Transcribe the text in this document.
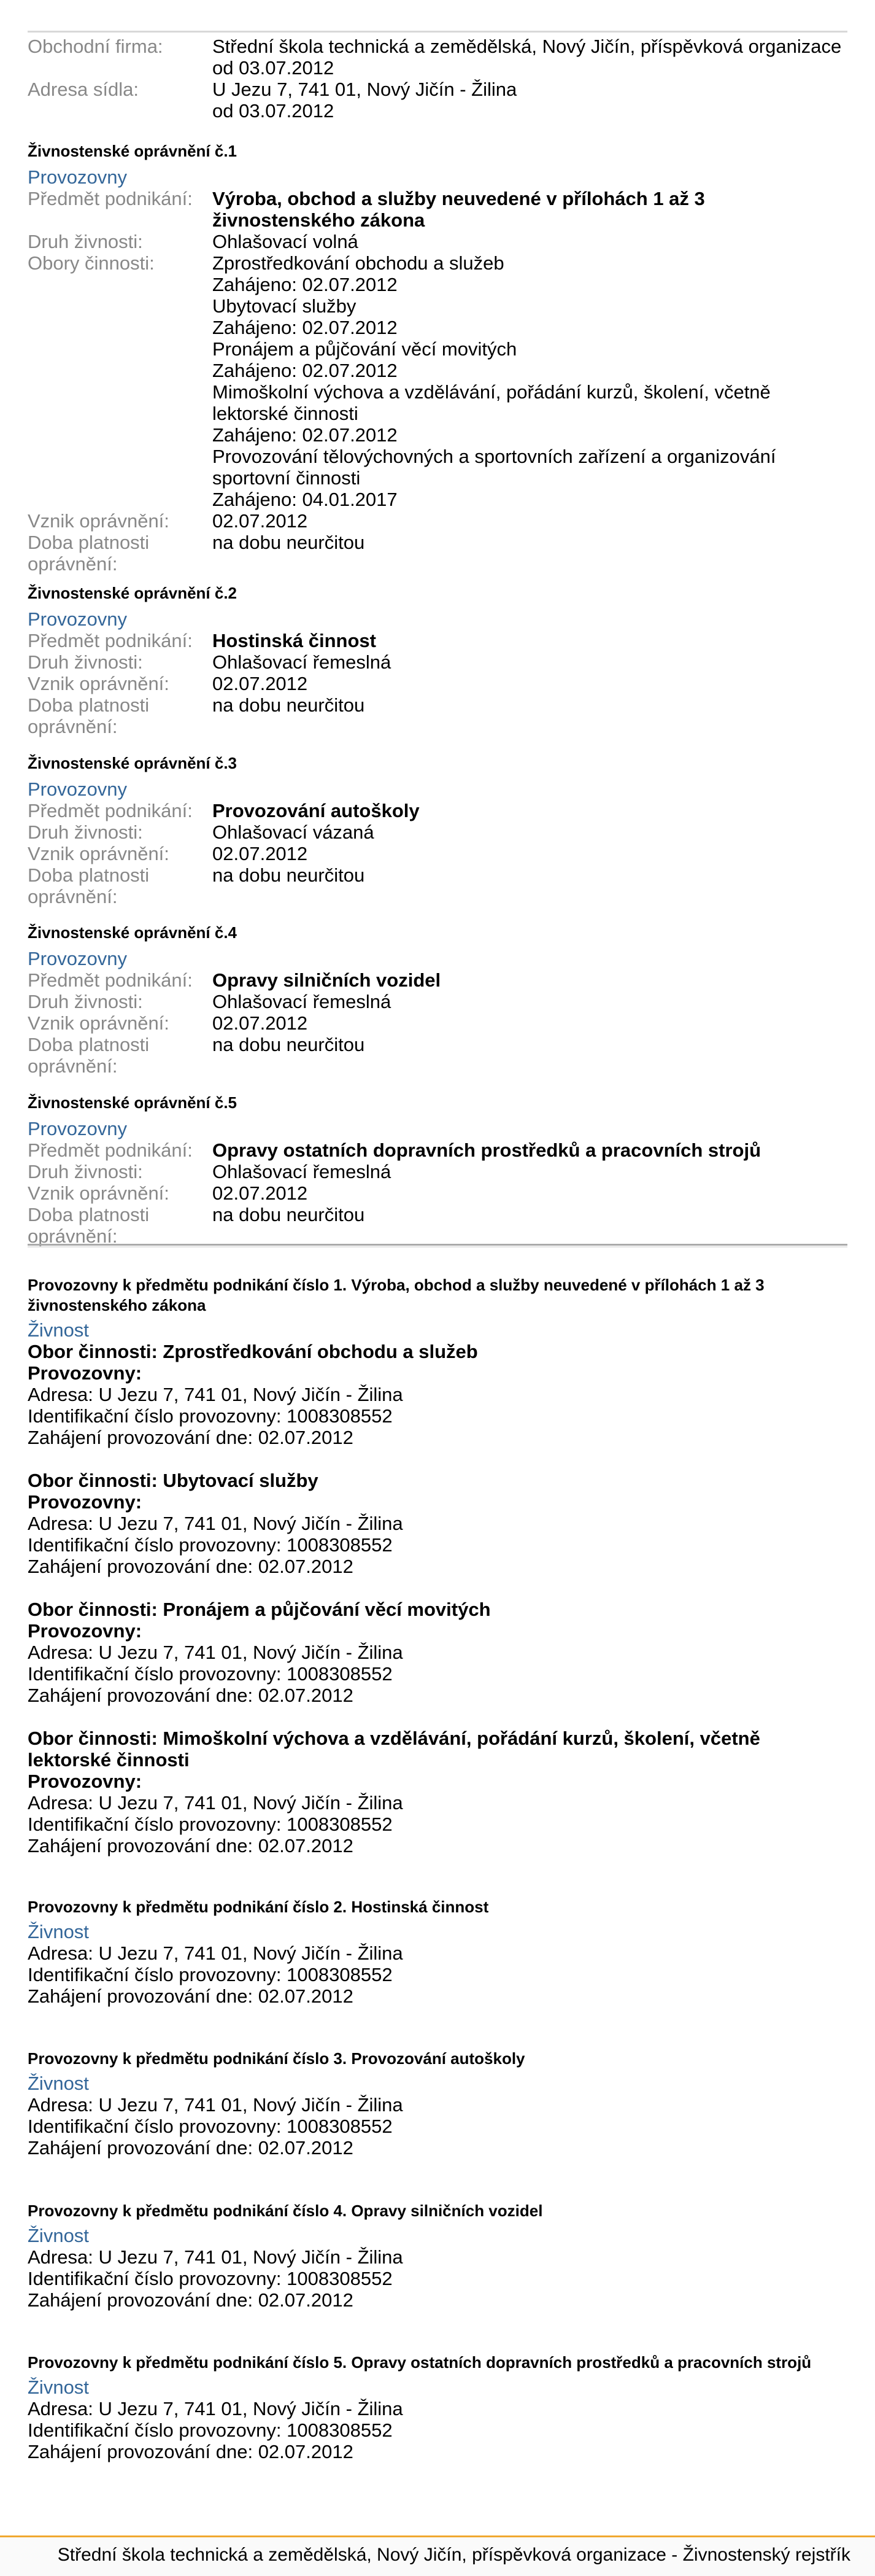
Obchodní firma:	Střední škola technická a zemědělská, Nový Jičín, příspěvková organizace
od 03.07.2012
Adresa sídla:	U Jezu 7, 741 01, Nový Jičín - Žilina
od 03.07.2012
Živnostenské oprávnění č.1
Provozovny
Předmět podnikání:	Výroba, obchod a služby neuvedené v přílohách 1 až 3 živnostenského zákona
Druh živnosti:	Ohlašovací volná
Obory činnosti:	Zprostředkování obchodu a služeb
Zahájeno: 02.07.2012
Ubytovací služby
Zahájeno: 02.07.2012
Pronájem a půjčování věcí movitých
Zahájeno: 02.07.2012
Mimoškolní výchova a vzdělávání, pořádání kurzů, školení, včetně lektorské činnosti
Zahájeno: 02.07.2012
Provozování tělovýchovných a sportovních zařízení a organizování sportovní činnosti
Zahájeno: 04.01.2017
Vznik oprávnění:	02.07.2012
Doba platnosti
oprávnění:
na dobu neurčitou
Živnostenské oprávnění č.2
Provozovny
Předmět podnikání:	Hostinská činnost
Druh živnosti:	Ohlašovací řemeslná
Vznik oprávnění:	02.07.2012
Doba platnosti
oprávnění:
na dobu neurčitou
Živnostenské oprávnění č.3
Provozovny
Předmět podnikání:	Provozování autoškoly
Druh živnosti:	Ohlašovací vázaná
Vznik oprávnění:	02.07.2012
Doba platnosti
oprávnění:
na dobu neurčitou
Živnostenské oprávnění č.4
Provozovny
Předmět podnikání:	Opravy silničních vozidel
Druh živnosti:	Ohlašovací řemeslná
Vznik oprávnění:	02.07.2012
Doba platnosti
oprávnění:
na dobu neurčitou
Živnostenské oprávnění č.5
Provozovny
Předmět podnikání:	Opravy ostatních dopravních prostředků a pracovních strojů
Druh živnosti:	Ohlašovací řemeslná
Vznik oprávnění:	02.07.2012
Doba platnosti
oprávnění:
na dobu neurčitou
Provozovny k předmětu podnikání číslo 1. Výroba, obchod a služby neuvedené v přílohách 1 až 3 živnostenského zákona
Živnost
Obor činnosti: Zprostředkování obchodu a služeb
Provozovny:
Adresa: U Jezu 7, 741 01, Nový Jičín - Žilina
Identifikační číslo provozovny: 1008308552
Zahájení provozování dne: 02.07.2012
Obor činnosti: Ubytovací služby
Provozovny:
Adresa: U Jezu 7, 741 01, Nový Jičín - Žilina
Identifikační číslo provozovny: 1008308552
Zahájení provozování dne: 02.07.2012
Obor činnosti: Pronájem a půjčování věcí movitých
Provozovny:
Adresa: U Jezu 7, 741 01, Nový Jičín - Žilina
Identifikační číslo provozovny: 1008308552
Zahájení provozování dne: 02.07.2012
Obor činnosti: Mimoškolní výchova a vzdělávání, pořádání kurzů, školení, včetně lektorské činnosti
Provozovny:
Adresa: U Jezu 7, 741 01, Nový Jičín - Žilina
Identifikační číslo provozovny: 1008308552
Zahájení provozování dne: 02.07.2012
Provozovny k předmětu podnikání číslo 2. Hostinská činnost
Živnost
Adresa: U Jezu 7, 741 01, Nový Jičín - Žilina
Identifikační číslo provozovny: 1008308552
Zahájení provozování dne: 02.07.2012
Provozovny k předmětu podnikání číslo 3. Provozování autoškoly
Živnost
Adresa: U Jezu 7, 741 01, Nový Jičín - Žilina
Identifikační číslo provozovny: 1008308552
Zahájení provozování dne: 02.07.2012
Provozovny k předmětu podnikání číslo 4. Opravy silničních vozidel
Živnost
Adresa: U Jezu 7, 741 01, Nový Jičín - Žilina
Identifikační číslo provozovny: 1008308552
Zahájení provozování dne: 02.07.2012
Provozovny k předmětu podnikání číslo 5. Opravy ostatních dopravních prostředků a pracovních strojů
Živnost
Adresa: U Jezu 7, 741 01, Nový Jičín - Žilina
Identifikační číslo provozovny: 1008308552
Zahájení provozování dne: 02.07.2012
Střední škola technická a zemědělská, Nový Jičín, příspěvková organizace - Živnostenský rejstřík
